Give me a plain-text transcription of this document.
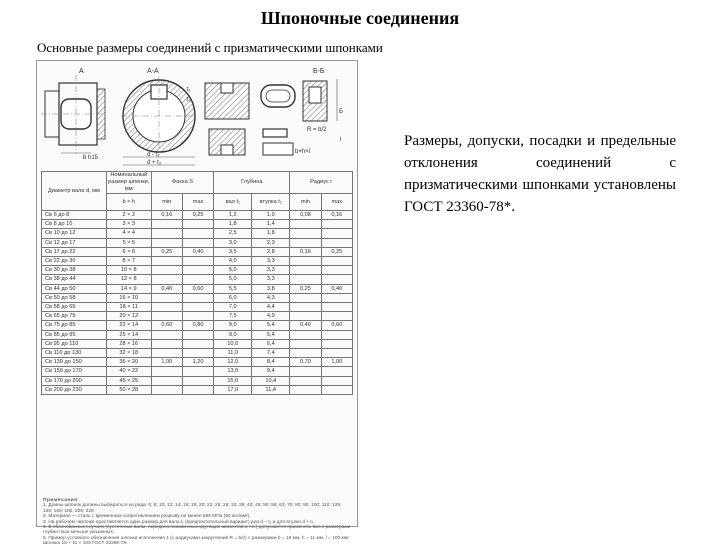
Шпоночные соединения
Основные размеры соединений с призматическими шпонками
b h15
A	А-А
d - t₁
d + t₂
t₁
t₂
Б-Б
R = b/2
b×h×l
Б
l
Диаметр вала d, мм	Номинальный размер шпонки, мм	Фаска S		Глубина		Радиус r	
	b × h	min	max	вал t₁	втулка t₂	min	max
Св 6 до 8	2 × 2	0,16	0,25	1,2	1,0	0,08	0,16
Св 8 до 10	3 × 3			1,8	1,4		
Св 10 до 12	4 × 4			2,5	1,8		
Св 12 до 17	5 × 5			3,0	2,3		
Св 17 до 22	6 × 6	0,25	0,40	3,5	2,8	0,16	0,25
Св 22 до 30	8 × 7			4,0	3,3		
Св 30 до 38	10 × 8			5,0	3,3		
Св 38 до 44	12 × 8			5,0	3,3		
Св 44 до 50	14 × 9	0,40	0,60	5,5	3,8	0,25	0,40
Св 50 до 58	16 × 10			6,0	4,3		
Св 58 до 65	18 × 11			7,0	4,4		
Св 65 до 75	20 × 12			7,5	4,9		
Св 75 до 85	22 × 14	0,60	0,80	9,0	5,4	0,40	0,60
Св 85 до 95	25 × 14			9,0	5,4		
Св 95 до 110	28 × 16			10,0	6,4		
Св 110 до 130	32 × 18			11,0	7,4		
Св 130 до 150	36 × 20	1,00	1,20	12,0	8,4	0,70	1,00
Св 150 до 170	40 × 22			13,0	9,4		
Св 170 до 200	45 × 25			15,0	10,4		
Св 200 до 230	50 × 28			17,0	11,4		
Примечания
1. Длины шпонок должны выбираться из ряда: 6; 8; 10; 12; 14; 16; 18; 20; 22; 25; 28; 32; 36; 40; 45; 50; 56; 63; 70; 80; 90; 100; 110; 125; 140; 160; 180; 200; 220.
2. Материал — сталь с временным сопротивлением разрыву не менее 590 МПа (60 кгс/мм²).
3. На рабочем чертеже проставляется один размер для вала t₁ (предпочтительный вариант) или d – t₁ и для втулки d + t₂.
4. В обоснованных случаях (пустотелые валы, передача пониженных крутящих моментов и т.п.) допускается применять вал с размерами глубин паза меньше указанных.
5. Пример условного обозначения шпонки исполнения 1 (с радиусами закруглений R = b/2) с размерами b = 18 мм, h = 11 мм, l = 100 мм: Шпонка 18 × 11 × 100 ГОСТ 23360-78.
Размеры, допуски, посадки и предельные отклонения соединений с призматическими шпонками установлены ГОСТ 23360-78*.
